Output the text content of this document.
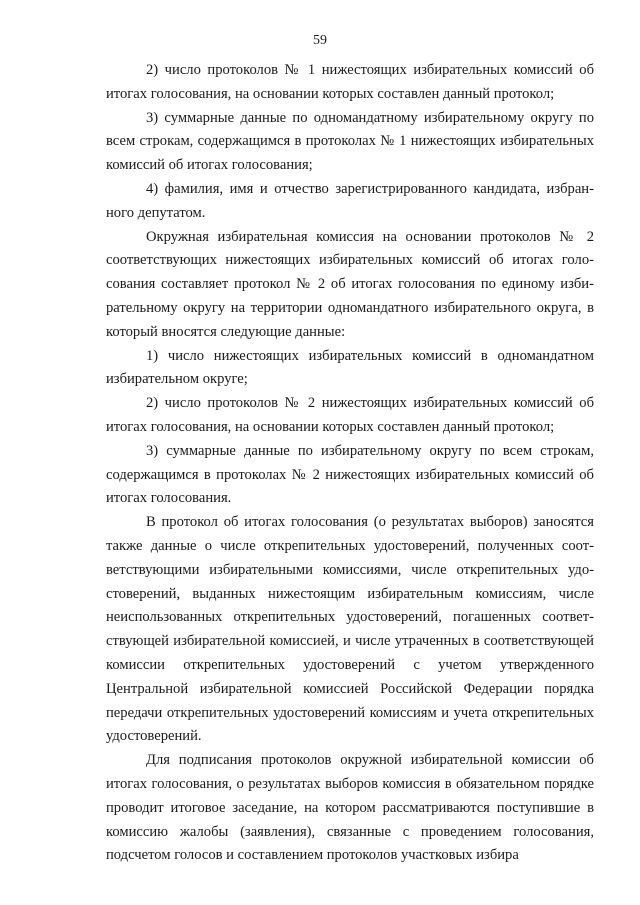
59

2) число протоколов № 1 нижестоящих избирательных комиссий об итогах голосования, на основании которых составлен данный протокол;

3) суммарные данные по одномандатному избирательному округу по всем строкам, содержащимся в протоколах № 1 нижестоящих избирательных комиссий об итогах голосования;

4) фамилия, имя и отчество зарегистрированного кандидата, избранного депутатом.

Окружная избирательная комиссия на основании протоколов № 2 соответствующих нижестоящих избирательных комиссий об итогах голосования составляет протокол № 2 об итогах голосования по единому избирательному округу на территории одномандатного избирательного округа, в который вносятся следующие данные:

1) число нижестоящих избирательных комиссий в одномандатном избирательном округе;

2) число протоколов № 2 нижестоящих избирательных комиссий об итогах голосования, на основании которых составлен данный протокол;

3) суммарные данные по избирательному округу по всем строкам, содержащимся в протоколах № 2 нижестоящих избирательных комиссий об итогах голосования.

В протокол об итогах голосования (о результатах выборов) заносятся также данные о числе открепительных удостоверений, полученных соответствующими избирательными комиссиями, числе открепительных удостоверений, выданных нижестоящим избирательным комиссиям, числе неиспользованных открепительных удостоверений, погашенных соответствующей избирательной комиссией, и числе утраченных в соответствующей комиссии открепительных удостоверений с учетом утвержденного Центральной избирательной комиссией Российской Федерации порядка передачи открепительных удостоверений комиссиям и учета открепительных удостоверений.

Для подписания протоколов окружной избирательной комиссии об итогах голосования, о результатах выборов комиссия в обязательном порядке проводит итоговое заседание, на котором рассматриваются поступившие в комиссию жалобы (заявления), связанные с проведением голосования, подсчетом голосов и составлением протоколов участковых избира
